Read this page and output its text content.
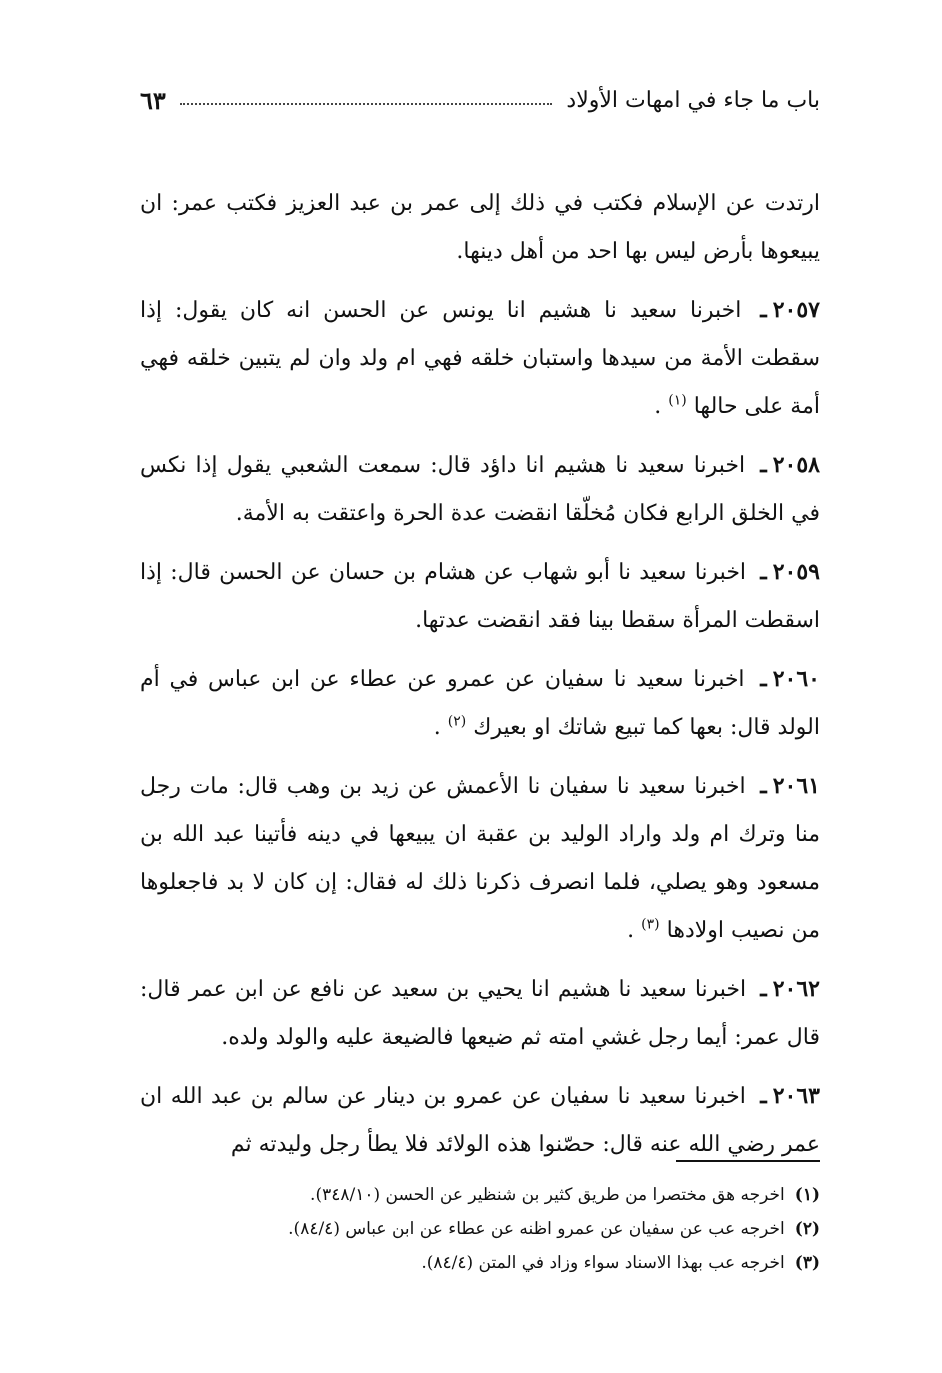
باب ما جاء في امهات الأولاد
٦٣

ارتدت عن الإسلام فكتب في ذلك إلى عمر بن عبد العزيز فكتب عمر: ان يبيعوها بأرض ليس بها احد من أهل دينها.

٢٠٥٧ـ اخبرنا سعيد نا هشيم انا يونس عن الحسن انه كان يقول: إذا سقطت الأمة من سيدها واستبان خلقه فهي ام ولد وان لم يتبين خلقه فهي أمة على حالها $^{(١)}$ .

٢٠٥٨ـ اخبرنا سعيد نا هشيم انا داؤد قال: سمعت الشعبي يقول إذا نكس في الخلق الرابع فكان مُخلّقا انقضت عدة الحرة واعتقت به الأمة.

٢٠٥٩ـ اخبرنا سعيد نا أبو شهاب عن هشام بن حسان عن الحسن قال: إذا اسقطت المرأة سقطا بينا فقد انقضت عدتها.

٢٠٦٠ـ اخبرنا سعيد نا سفيان عن عمرو عن عطاء عن ابن عباس في أم الولد قال: بعها كما تبيع شاتك او بعيرك $^{(٢)}$ .

٢٠٦١ـ اخبرنا سعيد نا سفيان نا الأعمش عن زيد بن وهب قال: مات رجل منا وترك ام ولد واراد الوليد بن عقبة ان يبيعها في دينه فأتينا عبد الله بن مسعود وهو يصلي، فلما انصرف ذكرنا ذلك له فقال: إن كان لا بد فاجعلوها من نصيب اولادها $^{(٣)}$ .

٢٠٦٢ـ اخبرنا سعيد نا هشيم انا يحيي بن سعيد عن نافع عن ابن عمر قال: قال عمر: أيما رجل غشي امته ثم ضيعها فالضيعة عليه والولد ولده.

٢٠٦٣ـ اخبرنا سعيد نا سفيان عن عمرو بن دينار عن سالم بن عبد الله ان عمر رضي الله عنه قال: حصّنوا هذه الولائد فلا يطأ رجل وليدته ثم

(١)
اخرجه هق مختصرا من طريق كثير بن شنظير عن الحسن (٣٤٨/١٠).
(٢)
اخرجه عب عن سفيان عن عمرو اظنه عن عطاء عن ابن عباس (٨٤/٤).
(٣)
اخرجه عب بهذا الاسناد سواء وزاد في المتن (٨٤/٤).
